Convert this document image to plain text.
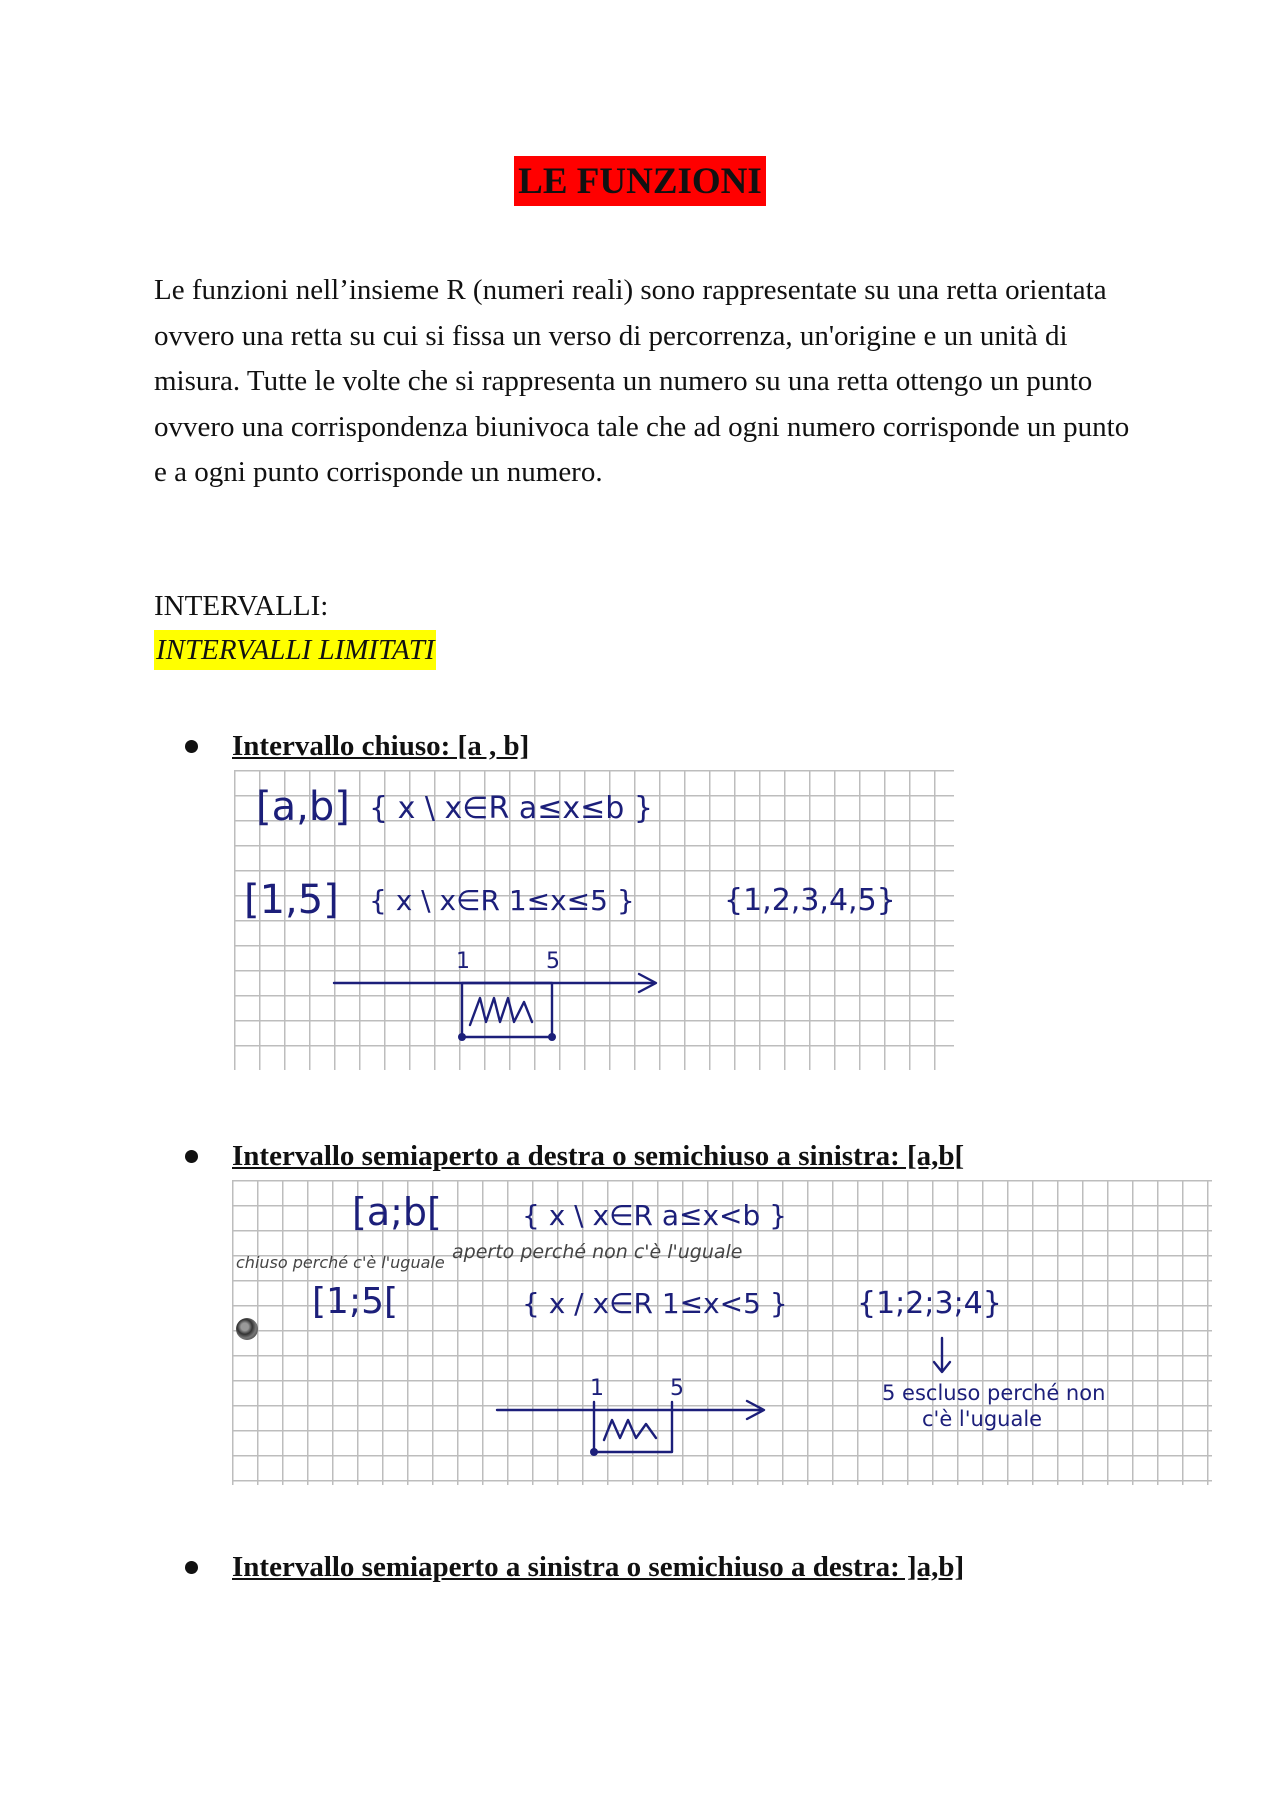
LE FUNZIONI

Le funzioni nell’insieme R (numeri reali) sono rappresentate su una retta orientata ovvero una retta su cui si fissa un verso di percorrenza, un'origine e un unità di misura. Tutte le volte che si rappresenta un numero su una retta ottengo un punto ovvero una corrispondenza biunivoca tale che ad ogni numero corrisponde un punto e a ogni punto corrisponde un numero.

INTERVALLI:
INTERVALLI LIMITATI
Intervallo chiuso: [a , b]
[a,b] { x \ x∈R a≤x≤b }
[1,5] { x \ x∈R 1≤x≤5 }	{1,2,3,4,5}
1	5
Intervallo semiaperto a destra o semichiuso a sinistra: [a,b[
[a;b[	{ x \ x∈R a≤x<b }
aperto perché non c'è l'uguale
chiuso perché c'è l'uguale
[1;5[	{ x / x∈R 1≤x<5 } {1;2;3;4}
5 escluso perché non
c'è l'uguale
1	5
Intervallo semiaperto a sinistra o semichiuso a destra: ]a,b]
